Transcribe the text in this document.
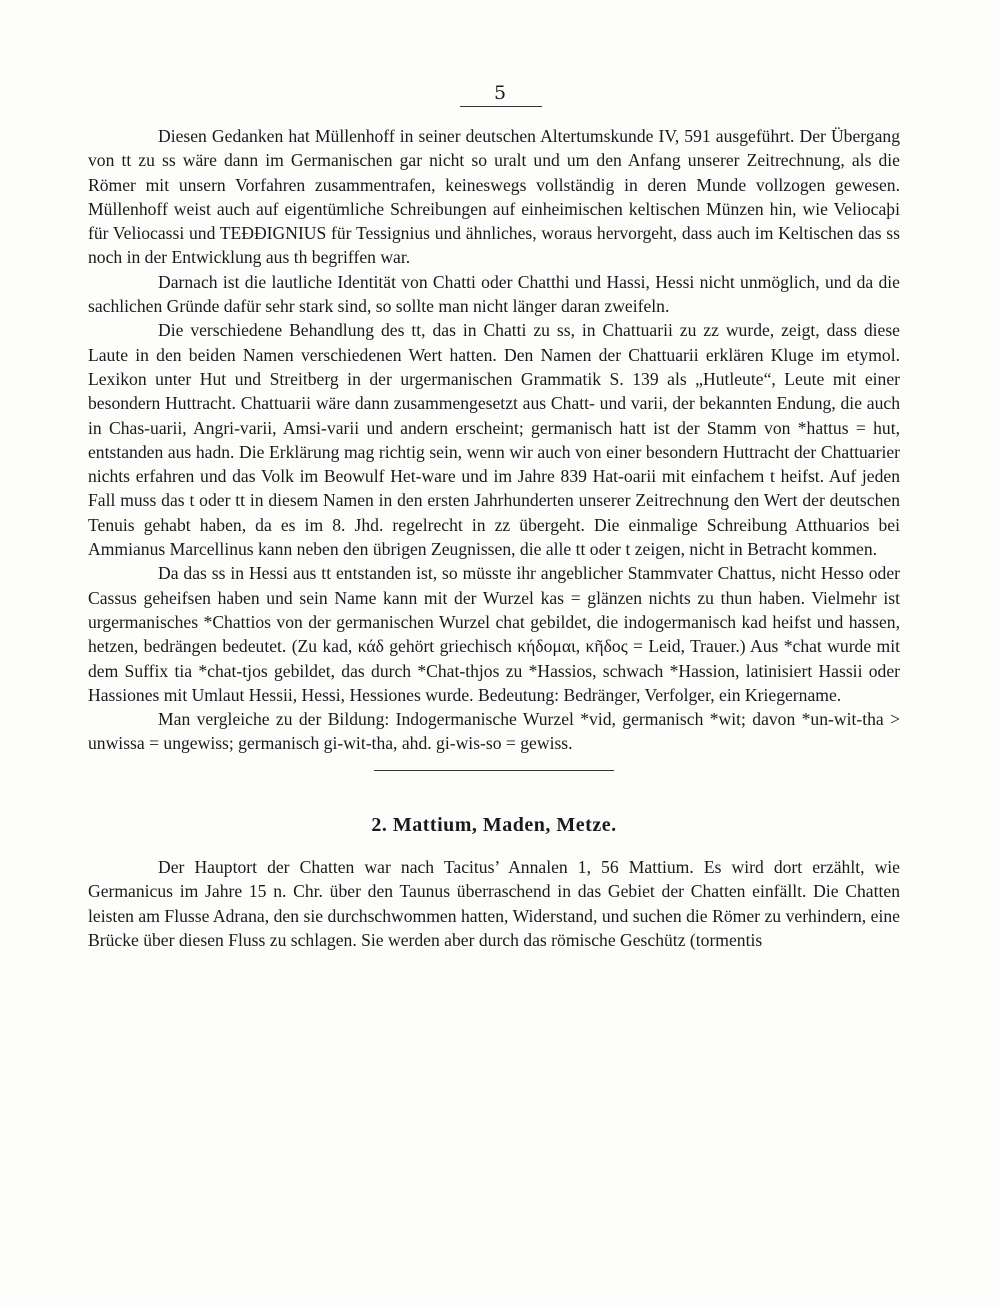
5

Diesen Gedanken hat Müllenhoff in seiner deutschen Altertumskunde IV, 591 ausgeführt. Der Übergang von tt zu ss wäre dann im Germanischen gar nicht so uralt und um den Anfang unserer Zeitrechnung, als die Römer mit unsern Vorfahren zusammentrafen, keineswegs vollständig in deren Munde vollzogen gewesen. Müllenhoff weist auch auf eigentümliche Schreibungen auf einheimischen keltischen Münzen hin, wie Veliocaþi für Veliocassi und TEÐÐIGNIUS für Tessignius und ähnliches, woraus hervorgeht, dass auch im Keltischen das ss noch in der Entwicklung aus th begriffen war.

Darnach ist die lautliche Identität von Chatti oder Chatthi und Hassi, Hessi nicht unmöglich, und da die sachlichen Gründe dafür sehr stark sind, so sollte man nicht länger daran zweifeln.

Die verschiedene Behandlung des tt, das in Chatti zu ss, in Chattuarii zu zz wurde, zeigt, dass diese Laute in den beiden Namen verschiedenen Wert hatten. Den Namen der Chattuarii erklären Kluge im etymol. Lexikon unter Hut und Streitberg in der urgermanischen Grammatik S. 139 als „Hutleute“, Leute mit einer besondern Huttracht. Chattuarii wäre dann zusammengesetzt aus Chatt- und varii, der bekannten Endung, die auch in Chas-uarii, Angri-varii, Amsi-varii und andern erscheint; germanisch hatt ist der Stamm von *hattus = hut, entstanden aus hadn. Die Erklärung mag richtig sein, wenn wir auch von einer besondern Huttracht der Chattuarier nichts erfahren und das Volk im Beowulf Het-ware und im Jahre 839 Hat-oarii mit einfachem t heifst. Auf jeden Fall muss das t oder tt in diesem Namen in den ersten Jahrhunderten unserer Zeitrechnung den Wert der deutschen Tenuis gehabt haben, da es im 8. Jhd. regelrecht in zz übergeht. Die einmalige Schreibung Atthuarios bei Ammianus Marcellinus kann neben den übrigen Zeugnissen, die alle tt oder t zeigen, nicht in Betracht kommen.

Da das ss in Hessi aus tt entstanden ist, so müsste ihr angeblicher Stammvater Chattus, nicht Hesso oder Cassus geheifsen haben und sein Name kann mit der Wurzel kas = glänzen nichts zu thun haben. Vielmehr ist urgermanisches *Chattios von der germanischen Wurzel chat gebildet, die indogermanisch kad heifst und hassen, hetzen, bedrängen bedeutet. (Zu kad, κάδ gehört griechisch κήδομαι, κῆδος = Leid, Trauer.) Aus *chat wurde mit dem Suffix tia *chat-tjos gebildet, das durch *Chat-thjos zu *Hassios, schwach *Hassion, latinisiert Hassii oder Hassiones mit Umlaut Hessii, Hessi, Hessiones wurde. Bedeutung: Bedränger, Verfolger, ein Kriegername.

Man vergleiche zu der Bildung: Indogermanische Wurzel *vid, germanisch *wit; davon *un-wit-tha > unwissa = ungewiss; germanisch gi-wit-tha, ahd. gi-wis-so = gewiss.

2. Mattium, Maden, Metze.

Der Hauptort der Chatten war nach Tacitus’ Annalen 1, 56 Mattium. Es wird dort erzählt, wie Germanicus im Jahre 15 n. Chr. über den Taunus überraschend in das Gebiet der Chatten einfällt. Die Chatten leisten am Flusse Adrana, den sie durchschwommen hatten, Widerstand, und suchen die Römer zu verhindern, eine Brücke über diesen Fluss zu schlagen. Sie werden aber durch das römische Geschütz (tormentis
